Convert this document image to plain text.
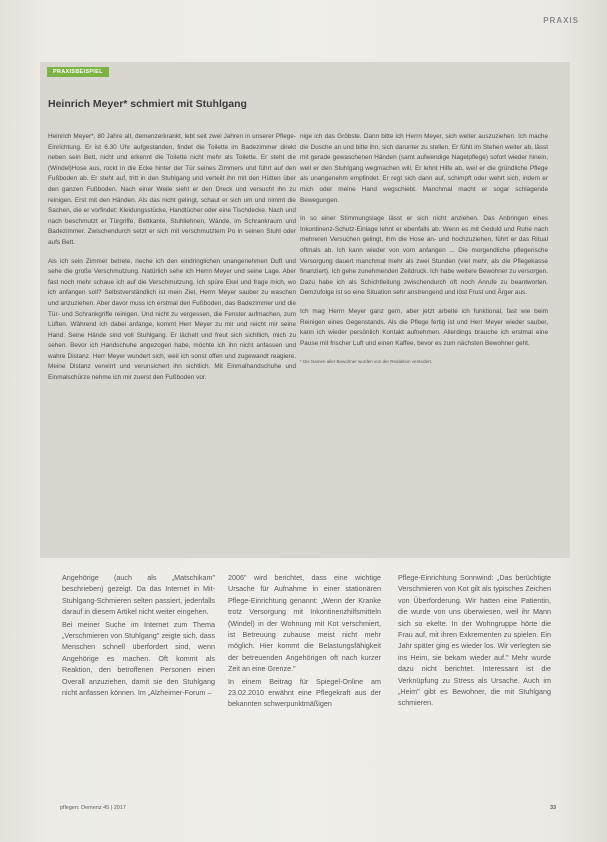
PRAXIS
PRAXISBEISPIEL
Heinrich Meyer* schmiert mit Stuhlgang

Heinrich Meyer*, 80 Jahre alt, demenzerkrankt, lebt seit zwei Jahren in unserer Pflege-Einrichtung. Er ist 6.30 Uhr aufgestanden, findet die Toilette im Badezimmer direkt neben sein Bett, nicht und erkennt die Toilette nicht mehr als Toilette. Er steht die (Windel)Hose aus, rockt in die Ecke hinter der Tür seines Zimmers und führt auf den Fußboden ab. Er steht auf, tritt in den Stuhlgang und verteilt ihn mit den Hütten über den ganzen Fußboden. Nach einer Weile sieht er den Dreck und versucht ihn zu reinigen. Erst mit den Händen. Als das nicht gelingt, schaut er sich um und nimmt die Sachen, die er vorfindet: Kleidungsstücke, Handtücher oder eine Tischdecke. Nach und nach beschmutzt er Türgriffe, Bettkante, Stuhllehnen, Wände, im Schrankraum und Badezimmer. Zwischendurch setzt er sich mit verschmutztem Po in seinen Stuhl oder aufs Bett.

Als ich sein Zimmer betrete, rieche ich den eindringlichen unangenehmen Duft und sehe die große Verschmutzung. Natürlich sehe ich Herrn Meyer und seine Lage. Aber fast noch mehr schaue ich auf die Verschmutzung. Ich spüre Ekel und frage mich, wo ich anfangen soll? Selbstverständlich ist mein Ziel, Herrn Meyer sauber zu waschen und anzuziehen. Aber davor muss ich erstmal den Fußboden, das Badezimmer und die Tür- und Schrankgriffe reinigen. Und nicht zu vergessen, die Fenster aufmachen, zum Lüften. Während ich dabei anfange, kommt Herr Meyer zu mir und reicht mir seine Hand. Seine Hände sind voll Stuhlgang. Er lächelt und freut sich sichtlich, mich zu sehen. Bevor ich Handschuhe angezogen habe, möchte ich ihn nicht anfassen und wahre Distanz. Herr Meyer wundert sich, weil ich sonst offen und zugewandt reagiere. Meine Distanz verwirrt und verunsichert ihn sichtlich. Mit Einmalhandschuhe und Einmalschürze nehme ich mir zuerst den Fußboden vor.

nige ich das Gröbste. Dann bitte ich Herrn Meyer, sich weiter auszuziehen. Ich mache die Dusche an und bitte ihn, sich darunter zu stellen. Er fühlt im Stehen weiter ab, lässt mit gerade gewaschenen Händen (samt aufwendige Nagelpflege) sofort wieder hinein, weil er den Stuhlgang wegmachen will. Er lehnt Hilfe ab, weil er die gründliche Pflege als unangenehm empfindet. Er regt sich dann auf, schimpft oder wehrt sich, indem er mich oder meine Hand wegschiebt. Manchmal macht er sogar schlagende Bewegungen.

In so einer Stimmungslage lässt er sich nicht anziehen. Das Anbringen eines Inkontinenz-Schutz-Einlage lehnt er ebenfalls ab. Wenn es mit Geduld und Ruhe nach mehreren Versuchen gelingt, ihm die Hose an- und hochzuziehen, führt er das Ritual oftmals ab. Ich kann wieder von vorn anfangen ... Die morgendliche pflegerische Versorgung dauert manchmal mehr als zwei Stunden (viel mehr, als die Pflegekasse finanziert). Ich gehe zunehmenden Zeitdruck. Ich habe weitere Bewohner zu versorgen. Dazu habe ich als Schichtleitung zwischendurch oft noch Anrufe zu beantworten. Demzufolge ist so eine Situation sehr anstrengend und löst Frust und Ärger aus.

Ich mag Herrn Meyer ganz gern, aber jetzt arbeite ich funktional, fast wie beim Reinigen eines Gegenstands. Als die Pflege fertig ist und Herr Meyer wieder sauber, kann ich wieder persönlich Kontakt aufnehmen. Allerdings brauche ich erstmal eine Pause mit frischer Luft und einen Kaffee, bevor es zum nächsten Bewohner geht.

* Die Namen aller Bewohner wurden von der Redaktion verändert.

Angehörige (auch als „Matschikam" beschrieben) gezeigt. Da das Internet in Mit-Stuhlgang-Schmieren selten passiert, jedenfalls darauf in diesem Artikel nicht weiter eingehen.

Bei meiner Suche im Internet zum Thema „Verschmieren von Stuhlgang" zeigte sich, dass Menschen schnell überfordert sind, wenn Angehörige es machen. Oft kommt als Reaktion, den betroffenen Personen einen Overall anzuziehen, damit sie den Stuhlgang nicht anfassen können. Im „Alzheimer-Forum –

2006" wird berichtet, dass eine wichtige Ursache für Aufnahme in einer stationären Pflege-Einrichtung genannt: „Wenn der Kranke trotz Versorgung mit Inkontinenzhilfsmitteln (Windel) in der Wohnung mit Kot verschmiert, ist Betreuung zuhause meist nicht mehr möglich. Hier kommt die Belastungsfähigkeit der betreuenden Angehörigen oft nach kurzer Zeit an eine Grenze."

In einem Beitrag für Spiegel-Online am 23.02.2010 erwähnt eine Pflegekraft aus der bekannten schwerpunktmäßigen

Pflege-Einrichtung Sonnwind: „Das berüchtigte Verschmieren von Kot gilt als typisches Zeichen von Überforderung. Wir hatten eine Patientin, die wurde von uns überwiesen, weil ihr Mann sich so ekelte. In der Wohngruppe hörte die Frau auf, mit ihren Exkrementen zu spielen. Ein Jahr später ging es wieder los. Wir verlegten sie ins Heim, sie bekam wieder auf." Mehr wurde dazu nicht berichtet. Interessant ist die Verknüpfung zu Stress als Ursache. Auch im „Heim" gibt es Bewohner, die mit Stuhlgang schmieren.

pflegen: Demenz 45 | 2017	33
